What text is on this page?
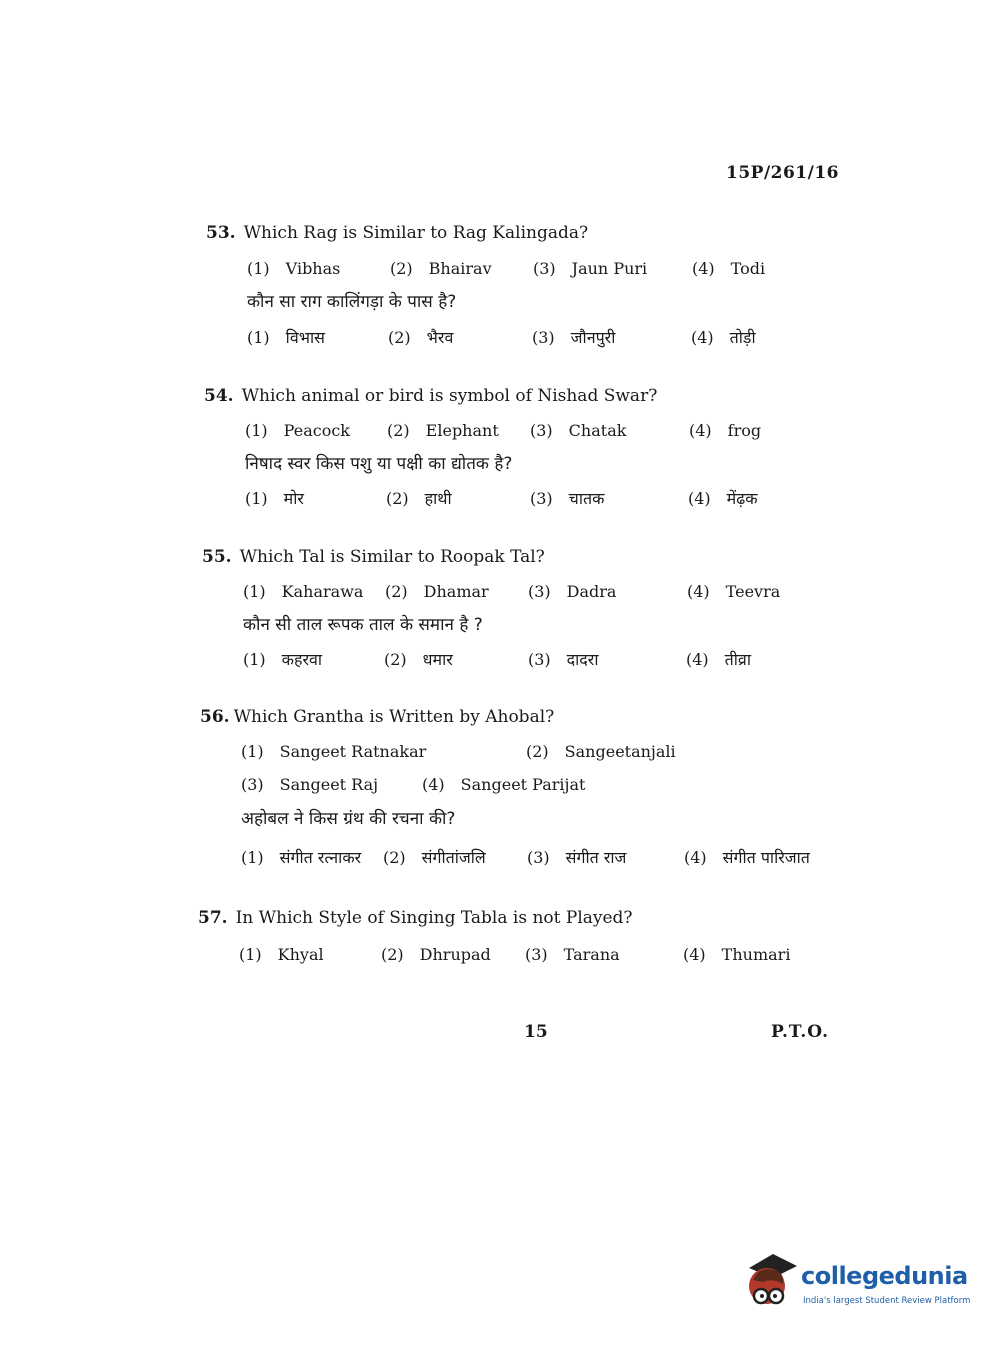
15P/261/16
53. Which Rag is Similar to Rag Kalingada?
(1) Vibhas	(2) Bhairav	(3) Jaun Puri	(4) Todi
कौन सा राग कालिंगड़ा के पास है?
(1) विभास	(2) भैरव	(3) जौनपुरी	(4) तोड़ी
54. Which animal or bird is symbol of Nishad Swar?
(1) Peacock (2) Elephant (3) Chatak	(4) frog
निषाद स्वर किस पशु या पक्षी का द्योतक है?
(1) मोर	(2) हाथी	(3) चातक	(4) मेंढ़क
55. Which Tal is Similar to Roopak Tal?
(1) Kaharawa (2) Dhamar (3) Dadra	(4) Teevra
कौन सी ताल रूपक ताल के समान है ?
(1) कहरवा	(2) धमार	(3) दादरा	(4) तीव्रा
56. Which Grantha is Written by Ahobal?
(1) Sangeet Ratnakar	(2) Sangeetanjali
(3) Sangeet Raj	(4) Sangeet Parijat
अहोबल ने किस ग्रंथ की रचना की?
(1) संगीत रत्नाकर (2) संगीतांजलि	(3) संगीत राज	(4) संगीत पारिजात
57. In Which Style of Singing Tabla is not Played?
(1) Khyal	(2) Dhrupad (3) Tarana	(4) Thumari
15	P.T.O.
collegedunia
India's largest Student Review Platform
